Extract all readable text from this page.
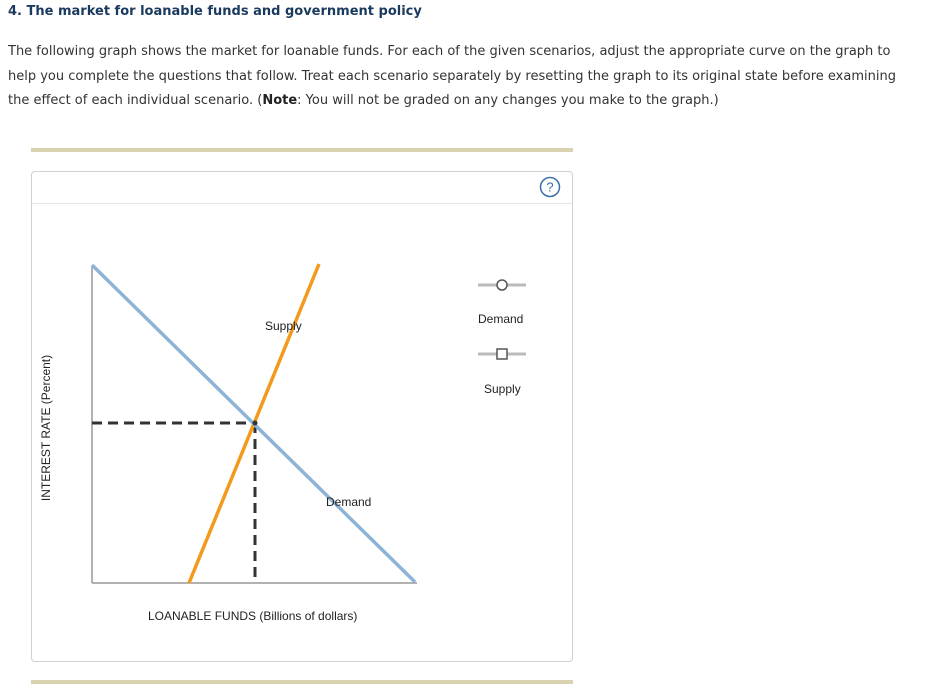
4. The market for loanable funds and government policy

The following graph shows the market for loanable funds. For each of the given scenarios, adjust the appropriate curve on the graph to help you complete the questions that follow. Treat each scenario separately by resetting the graph to its original state before examining the effect of each individual scenario. (Note: You will not be graded on any changes you make to the graph.)

?
INTEREST RATE (Percent)
LOANABLE FUNDS (Billions of dollars)
Supply
Demand
Demand
Supply
